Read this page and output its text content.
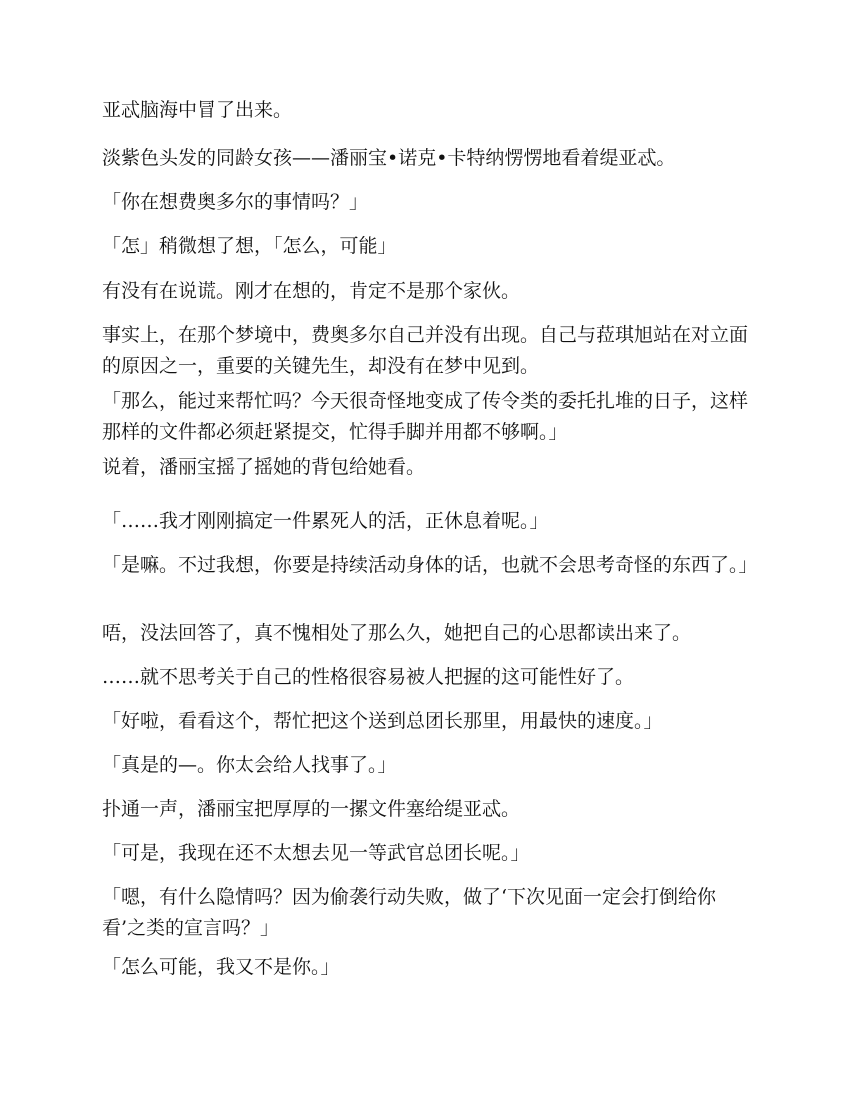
亚忒脑海中冒了出来。
淡紫色头发的同龄女孩——潘丽宝•诺克•卡特纳愣愣地看着缇亚忒。
「你在想费奥多尔的事情吗？」
「怎」稍微想了想，「怎么，可能」
有没有在说谎。刚才在想的，肯定不是那个家伙。
事实上，在那个梦境中，费奥多尔自己并没有出现。自己与菈琪旭站在对立面的原因之一，重要的关键先生，却没有在梦中见到。
「那么，能过来帮忙吗？今天很奇怪地变成了传令类的委托扎堆的日子，这样那样的文件都必须赶紧提交，忙得手脚并用都不够啊。」
说着，潘丽宝摇了摇她的背包给她看。
「……我才刚刚搞定一件累死人的活，正休息着呢。」
「是嘛。不过我想，你要是持续活动身体的话，也就不会思考奇怪的东西了。」
唔，没法回答了，真不愧相处了那么久，她把自己的心思都读出来了。
……就不思考关于自己的性格很容易被人把握的这可能性好了。
「好啦，看看这个，帮忙把这个送到总团长那里，用最快的速度。」
「真是的—。你太会给人找事了。」
扑通一声，潘丽宝把厚厚的一摞文件塞给缇亚忒。
「可是，我现在还不太想去见一等武官总团长呢。」
「嗯，有什么隐情吗？因为偷袭行动失败，做了‘下次见面一定会打倒给你看’之类的宣言吗？」
「怎么可能，我又不是你。」
